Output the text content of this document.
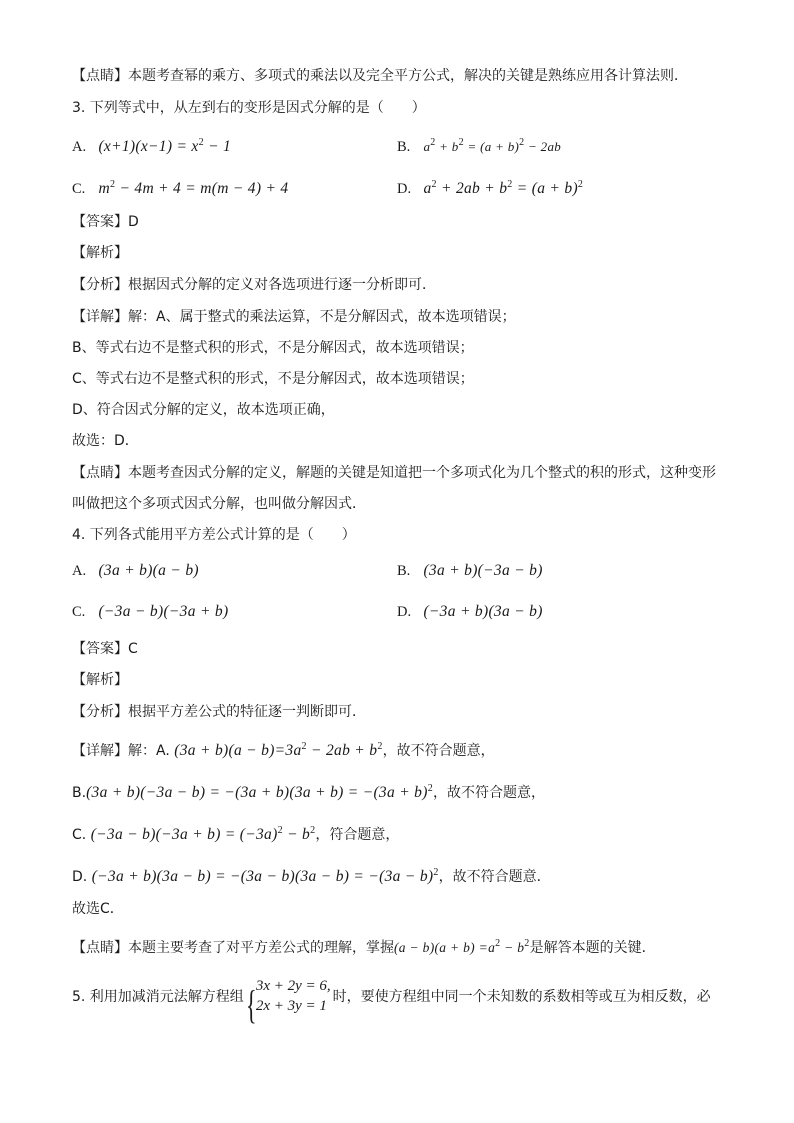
【点睛】本题考查幂的乘方、多项式的乘法以及完全平方公式，解决的关键是熟练应用各计算法则．
3. 下列等式中，从左到右的变形是因式分解的是（　　）
A. $(x+1)(x-1) = x^2 - 1$	B. $a^2 + b^2 = (a + b)^2 - 2ab$
C. $m^2 - 4m + 4 = m(m - 4) + 4$	D. $a^2 + 2ab + b^2 = (a + b)^2$
【答案】D
【解析】
【分析】根据因式分解的定义对各选项进行逐一分析即可．
【详解】解：A、属于整式的乘法运算，不是分解因式，故本选项错误；
B、等式右边不是整式积的形式，不是分解因式，故本选项错误；
C、等式右边不是整式积的形式，不是分解因式，故本选项错误；
D、符合因式分解的定义，故本选项正确，
故选：D．
【点睛】本题考查因式分解的定义，解题的关键是知道把一个多项式化为几个整式的积的形式，这种变形
叫做把这个多项式因式分解，也叫做分解因式．
4. 下列各式能用平方差公式计算的是（　　）
A. (3a + b)(a − b)	B. (3a + b)(−3a − b)
C. (−3a − b)(−3a + b)	D. (−3a + b)(3a − b)
【答案】C
【解析】
【分析】根据平方差公式的特征逐一判断即可．
【详解】解：A. $(3a + b)(a - b)=3a^2 - 2ab + b^2$，故不符合题意，
$B.(3a + b)(-3a - b) = -(3a + b)(3a + b) = -(3a + b)^2$，故不符合题意，
C. $(-3a - b)(-3a + b) = (-3a)^2 - b^2$，符合题意，
D. $(-3a + b)(3a - b) = -(3a - b)(3a - b) = -(3a - b)^2$，故不符合题意．
故选C．
【点睛】本题主要考查了对平方差公式的理解，掌握$(a - b)(a + b) =a^2 - b^2$是解答本题的关键．
5. 利用加减消元法解方程组 { 3x + 2y = 6,
2x + 3y = 1
时，要使方程组中同一个未知数的系数相等或互为相反数，必
